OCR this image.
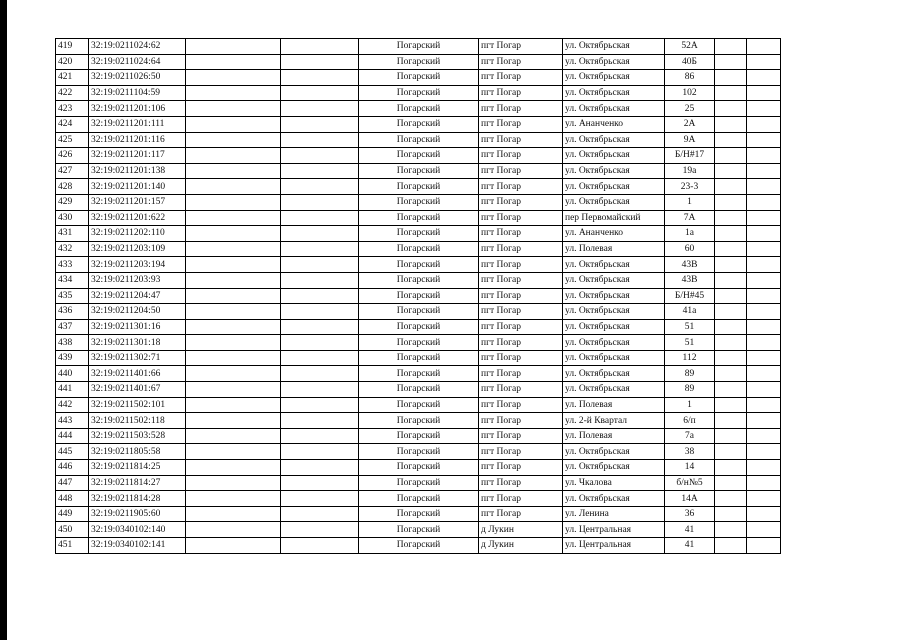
419	32:19:0211024:62			Погарский	пгт Погар	ул. Октябрьская	52А		
420	32:19:0211024:64			Погарский	пгт Погар	ул. Октябрьская	40Б		
421	32:19:0211026:50			Погарский	пгт Погар	ул. Октябрьская	86		
422	32:19:0211104:59			Погарский	пгт Погар	ул. Октябрьская	102		
423	32:19:0211201:106			Погарский	пгт Погар	ул. Октябрьская	25		
424	32:19:0211201:111			Погарский	пгт Погар	ул. Ананченко	2А		
425	32:19:0211201:116			Погарский	пгт Погар	ул. Октябрьская	9А		
426	32:19:0211201:117			Погарский	пгт Погар	ул. Октябрьская	Б/Н#17		
427	32:19:0211201:138			Погарский	пгт Погар	ул. Октябрьская	19а		
428	32:19:0211201:140			Погарский	пгт Погар	ул. Октябрьская	23-3		
429	32:19:0211201:157			Погарский	пгт Погар	ул. Октябрьская	1		
430	32:19:0211201:622			Погарский	пгт Погар	пер Первомайский	7А		
431	32:19:0211202:110			Погарский	пгт Погар	ул. Ананченко	1а		
432	32:19:0211203:109			Погарский	пгт Погар	ул. Полевая	60		
433	32:19:0211203:194			Погарский	пгт Погар	ул. Октябрьская	43В		
434	32:19:0211203:93			Погарский	пгт Погар	ул. Октябрьская	43В		
435	32:19:0211204:47			Погарский	пгт Погар	ул. Октябрьская	Б/Н#45		
436	32:19:0211204:50			Погарский	пгт Погар	ул. Октябрьская	41а		
437	32:19:0211301:16			Погарский	пгт Погар	ул. Октябрьская	51		
438	32:19:0211301:18			Погарский	пгт Погар	ул. Октябрьская	51		
439	32:19:0211302:71			Погарский	пгт Погар	ул. Октябрьская	112		
440	32:19:0211401:66			Погарский	пгт Погар	ул. Октябрьская	89		
441	32:19:0211401:67			Погарский	пгт Погар	ул. Октябрьская	89		
442	32:19:0211502:101			Погарский	пгт Погар	ул. Полевая	1		
443	32:19:0211502:118			Погарский	пгт Погар	ул. 2-й Квартал	6/п		
444	32:19:0211503:528			Погарский	пгт Погар	ул. Полевая	7а		
445	32:19:0211805:58			Погарский	пгт Погар	ул. Октябрьская	38		
446	32:19:0211814:25			Погарский	пгт Погар	ул. Октябрьская	14		
447	32:19:0211814:27			Погарский	пгт Погар	ул. Чкалова	б/н№5		
448	32:19:0211814:28			Погарский	пгт Погар	ул. Октябрьская	14А		
449	32:19:0211905:60			Погарский	пгт Погар	ул. Ленина	36		
450	32:19:0340102:140			Погарский	д Лукин	ул. Центральная	41		
451	32:19:0340102:141			Погарский	д Лукин	ул. Центральная	41		
